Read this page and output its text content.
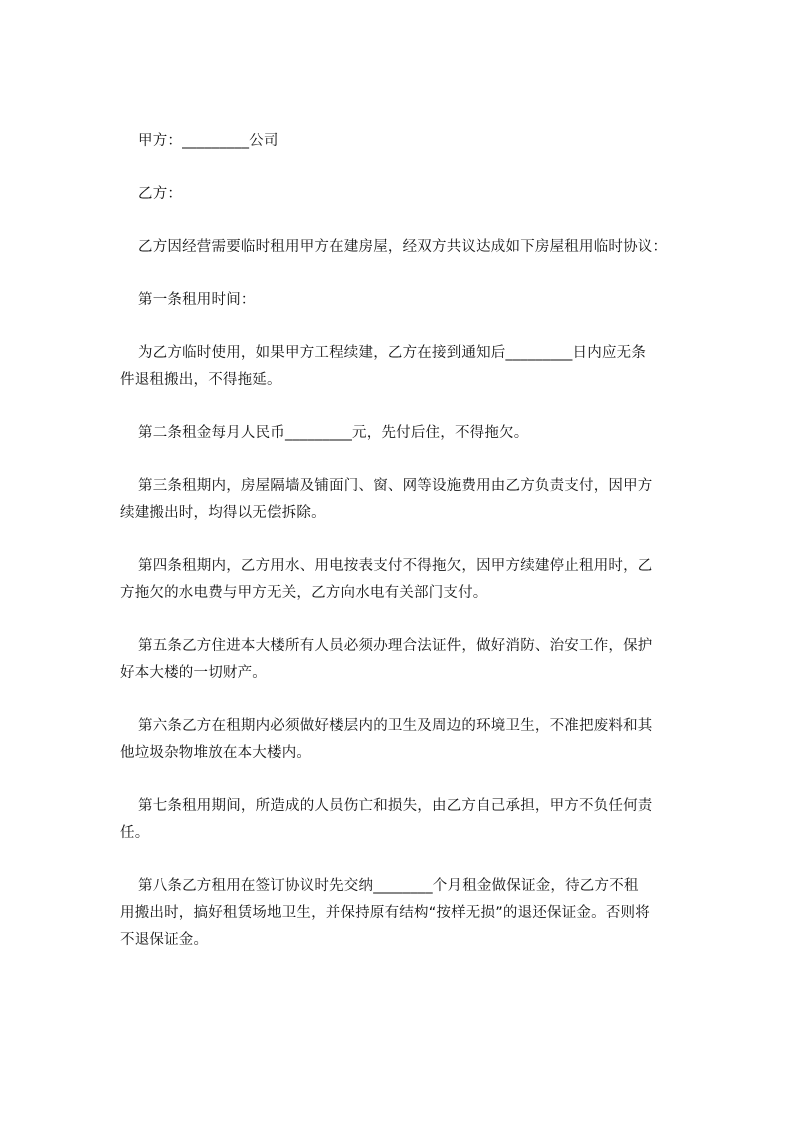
甲方：_________公司

乙方：

乙方因经营需要临时租用甲方在建房屋，经双方共议达成如下房屋租用临时协议：

第一条租用时间：

为乙方临时使用，如果甲方工程续建，乙方在接到通知后_________日内应无条
件退租搬出，不得拖延。

第二条租金每月人民币_________元，先付后住，不得拖欠。

第三条租期内，房屋隔墙及铺面门、窗、网等设施费用由乙方负责支付，因甲方
续建搬出时，均得以无偿拆除。

第四条租期内，乙方用水、用电按表支付不得拖欠，因甲方续建停止租用时，乙
方拖欠的水电费与甲方无关，乙方向水电有关部门支付。

第五条乙方住进本大楼所有人员必须办理合法证件，做好消防、治安工作，保护
好本大楼的一切财产。

第六条乙方在租期内必须做好楼层内的卫生及周边的环境卫生，不准把废料和其
他垃圾杂物堆放在本大楼内。

第七条租用期间，所造成的人员伤亡和损失，由乙方自己承担，甲方不负任何责
任。

第八条乙方租用在签订协议时先交纳________个月租金做保证金，待乙方不租
用搬出时，搞好租赁场地卫生，并保持原有结构“按样无损”的退还保证金。否则将
不退保证金。
